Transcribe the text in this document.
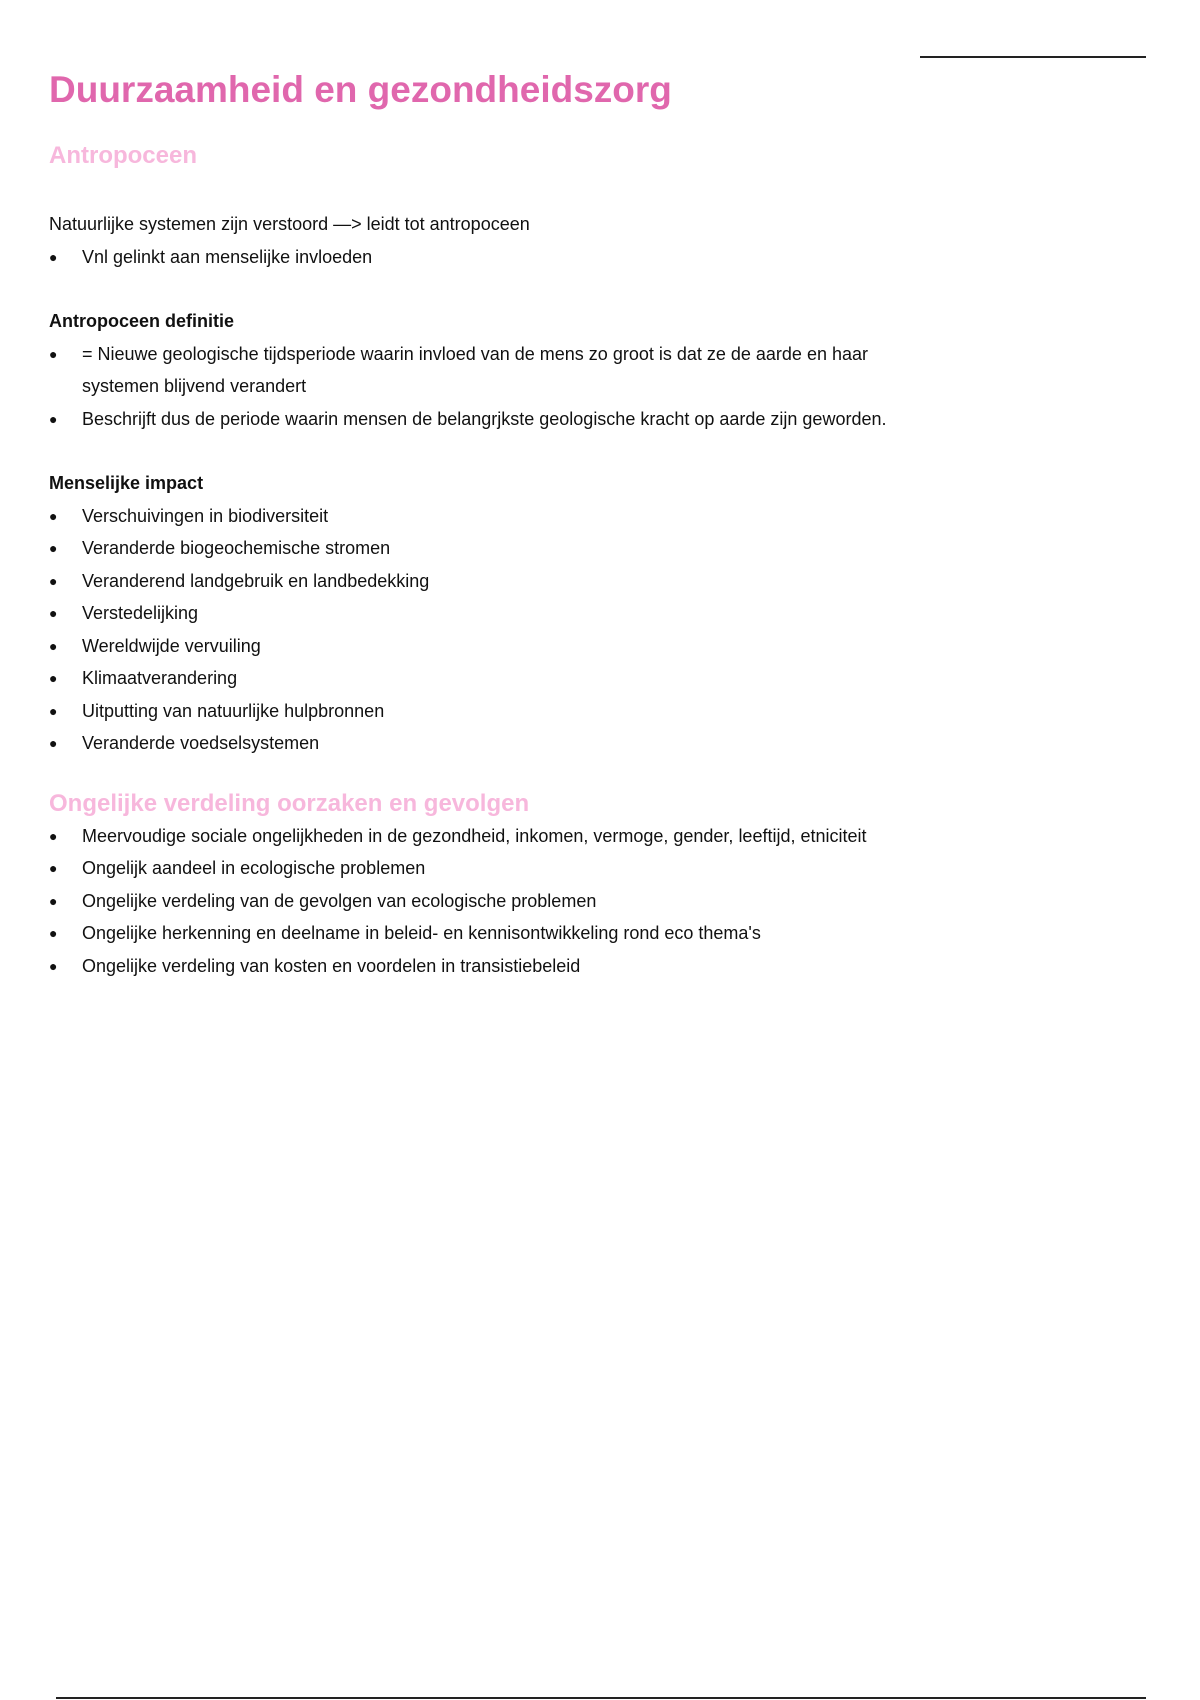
Duurzaamheid en gezondheidszorg
Antropoceen

Natuurlijke systemen zijn verstoord —> leidt tot antropoceen

● Vnl gelinkt aan menselijke invloeden

Antropoceen definitie

● = Nieuwe geologische tijdsperiode waarin invloed van de mens zo groot is dat ze de aarde en haar systemen blijvend verandert
● Beschrijft dus de periode waarin mensen de belangrjkste geologische kracht op aarde zijn geworden.

Menselijke impact

● Verschuivingen in biodiversiteit
● Veranderde biogeochemische stromen
● Veranderend landgebruik en landbedekking
● Verstedelijking
● Wereldwijde vervuiling
● Klimaatverandering
● Uitputting van natuurlijke hulpbronnen
● Veranderde voedselsystemen
Ongelijke verdeling oorzaken en gevolgen
● Meervoudige sociale ongelijkheden in de gezondheid, inkomen, vermoge, gender, leeftijd, etniciteit
● Ongelijk aandeel in ecologische problemen
● Ongelijke verdeling van de gevolgen van ecologische problemen
● Ongelijke herkenning en deelname in beleid- en kennisontwikkeling rond eco thema's
● Ongelijke verdeling van kosten en voordelen in transistiebeleid
